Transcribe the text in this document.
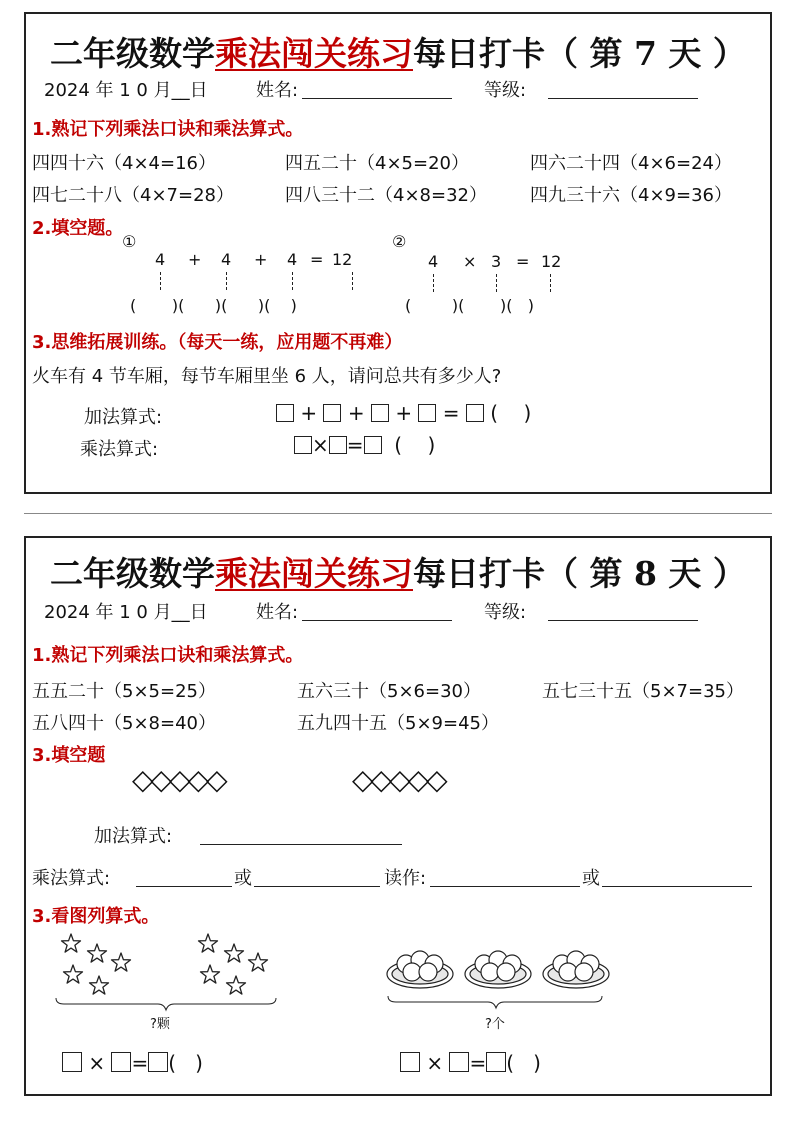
二年级数学乘法闯关练习每日打卡（ 第 7 天 ）
2024 年 1 0 月__日	姓名:	等级:
1.熟记下列乘法口诀和乘法算式。
四四十六（4×4=16）	四五二十（4×5=20）	四六二十四（4×6=24）
四七二十八（4×7=28）	四八三十二（4×8=32） 四九三十六（4×9=36）
2.填空题。
①
4 + 4 + 4 = 12
(       )(      )(      )(    )
②
4 × 3 = 12
(        )(       )(   )
3.思维拓展训练。（每天一练，应用题不再难）
火车有 4 节车厢，每节车厢里坐 6 人，请问总共有多少人?
加法算式:	+  +  +  =  (    )
乘法算式:	× =  (    )
二年级数学乘法闯关练习每日打卡（ 第 8 天 ）
2024 年 1 0 月__日	姓名:	等级:
1.熟记下列乘法口诀和乘法算式。
五五二十（5×5=25）	五六三十（5×6=30）	五七三十五（5×7=35）
五八四十（5×8=40）	五九四十五（5×9=45）
3.填空题
◇◇◇◇◇	◇◇◇◇◇
加法算式:
乘法算式:	或	读作:	或
3.看图列算式。
?颗	?个
× = (   )	× = (   )
